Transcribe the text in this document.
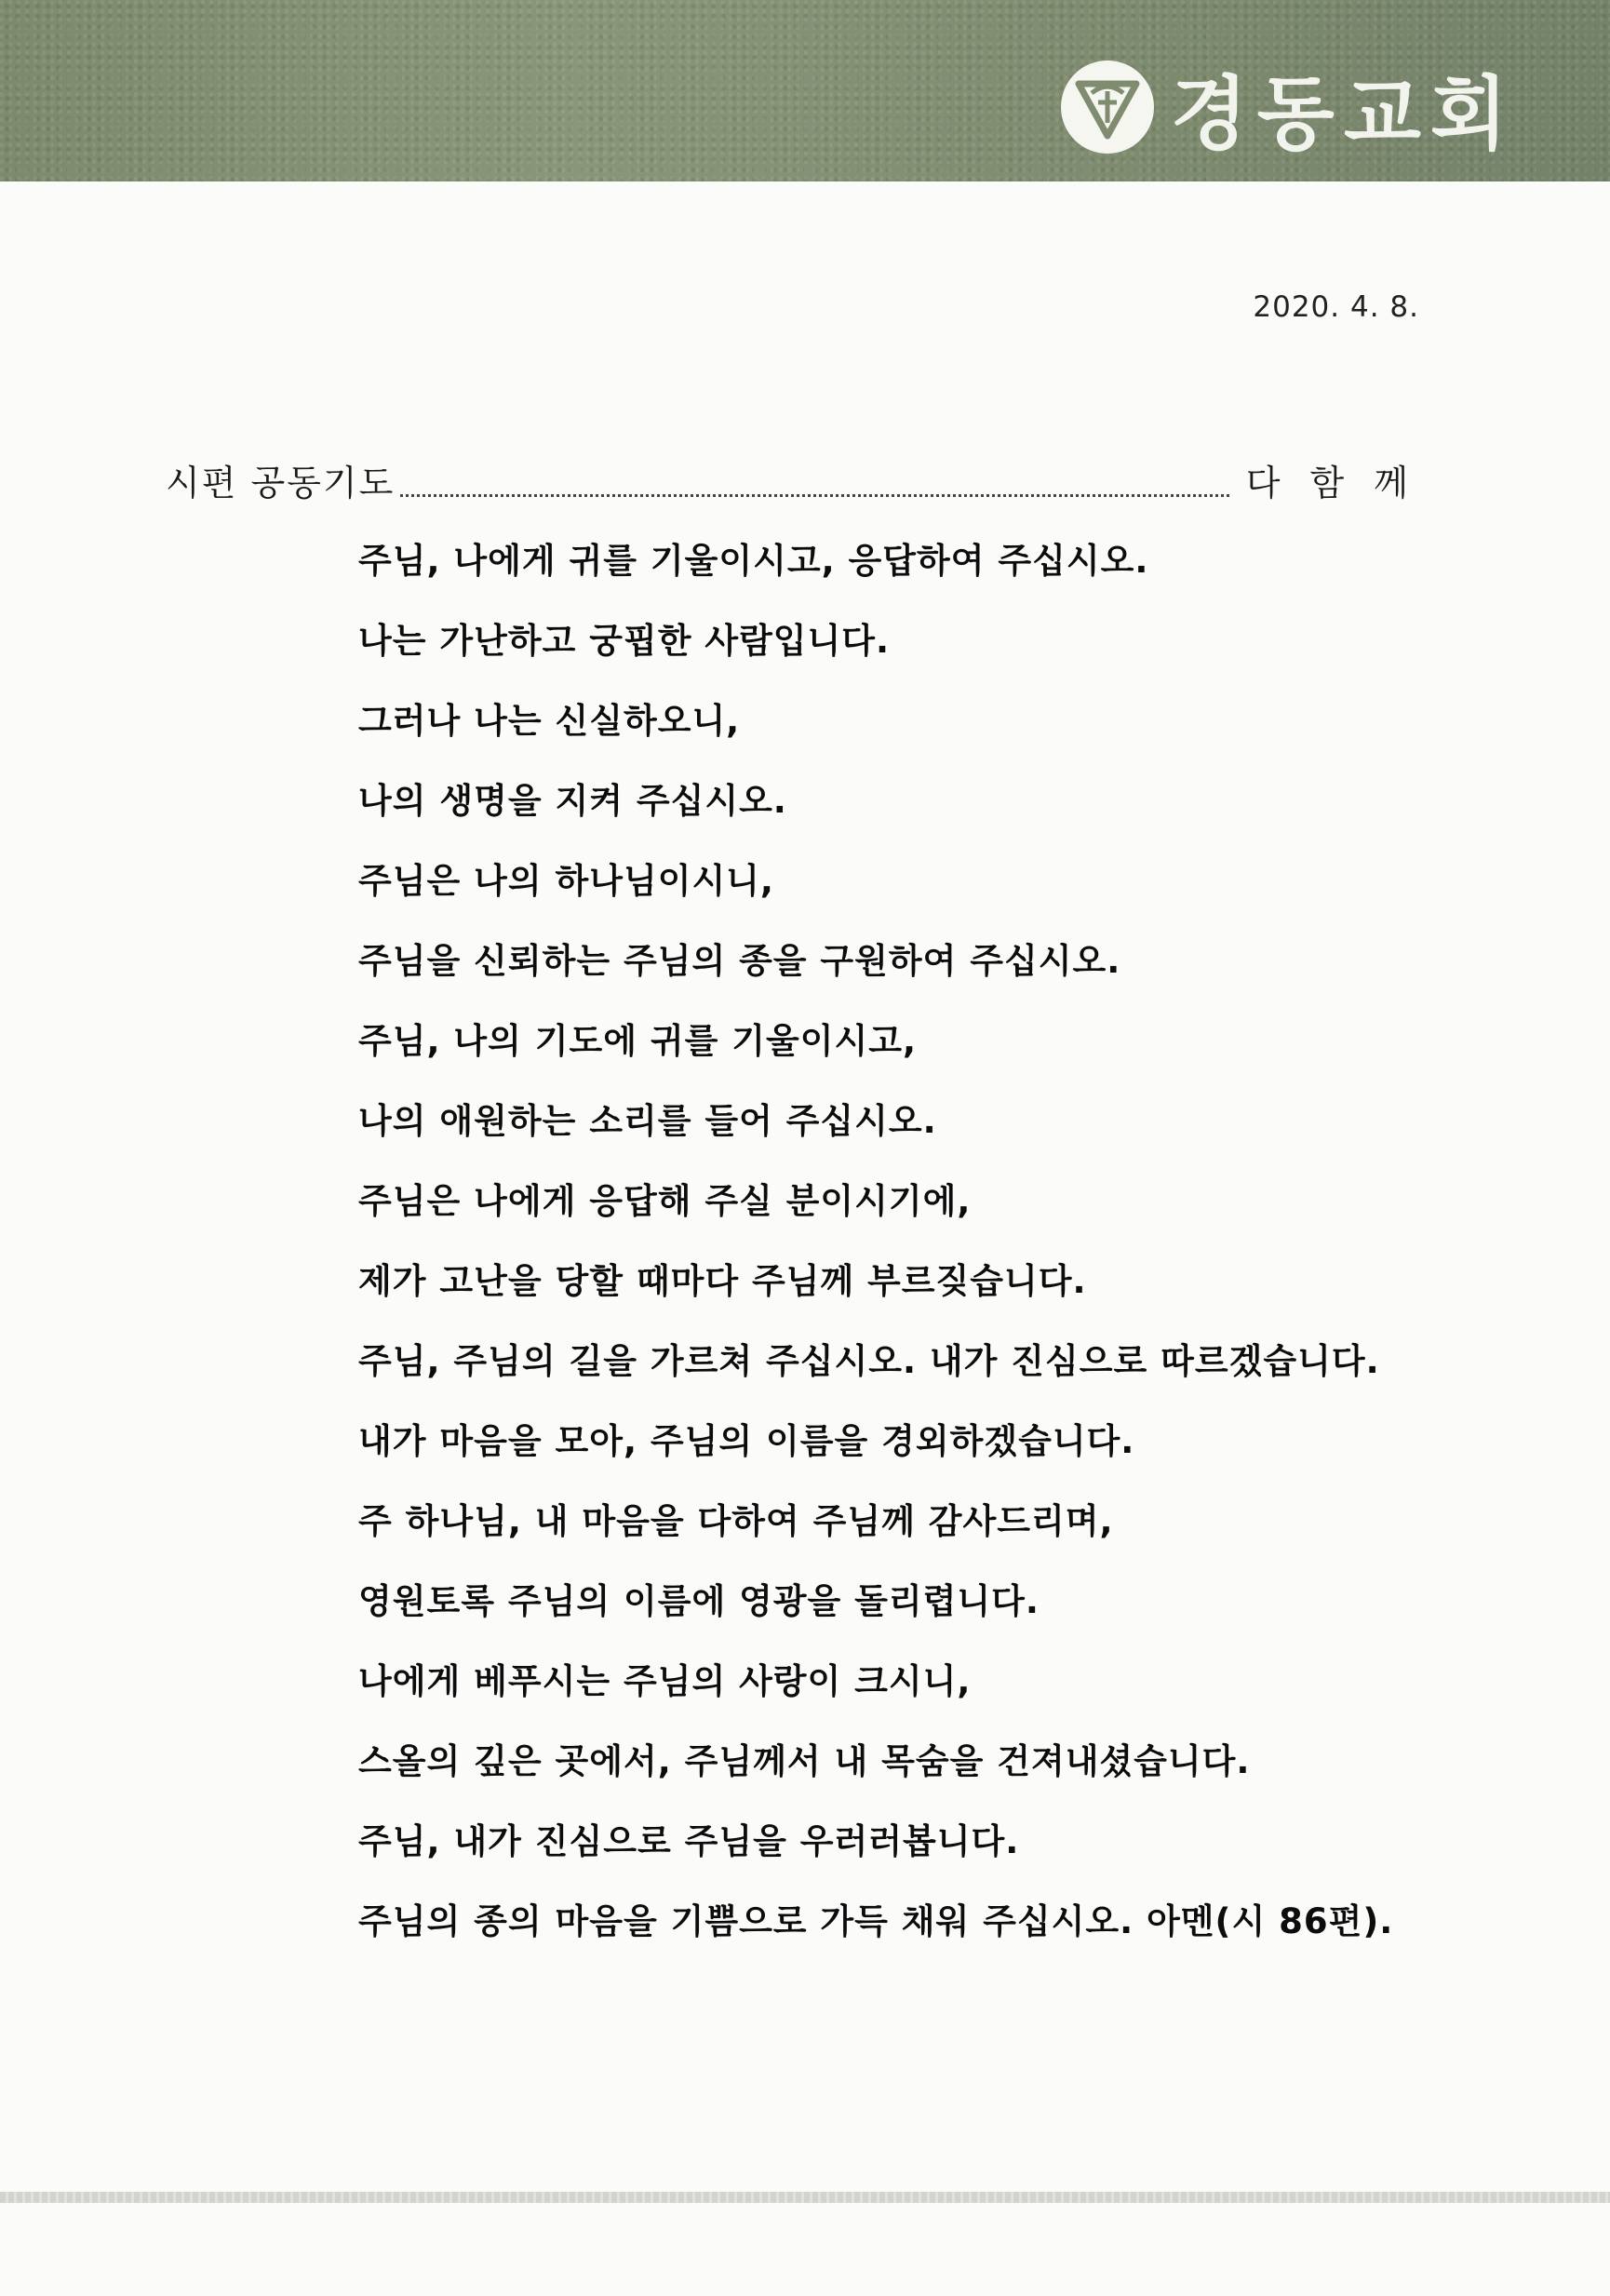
경동교회
2020. 4. 8.
시편 공동기도	다 함 께
주님, 나에게 귀를 기울이시고, 응답하여 주십시오.
나는 가난하고 궁핍한 사람입니다.
그러나 나는 신실하오니,
나의 생명을 지켜 주십시오.
주님은 나의 하나님이시니,
주님을 신뢰하는 주님의 종을 구원하여 주십시오.
주님, 나의 기도에 귀를 기울이시고,
나의 애원하는 소리를 들어 주십시오.
주님은 나에게 응답해 주실 분이시기에,
제가 고난을 당할 때마다 주님께 부르짖습니다.
주님, 주님의 길을 가르쳐 주십시오. 내가 진심으로 따르겠습니다.
내가 마음을 모아, 주님의 이름을 경외하겠습니다.
주 하나님, 내 마음을 다하여 주님께 감사드리며,
영원토록 주님의 이름에 영광을 돌리렵니다.
나에게 베푸시는 주님의 사랑이 크시니,
스올의 깊은 곳에서, 주님께서 내 목숨을 건져내셨습니다.
주님, 내가 진심으로 주님을 우러러봅니다.
주님의 종의 마음을 기쁨으로 가득 채워 주십시오. 아멘(시 86편).
